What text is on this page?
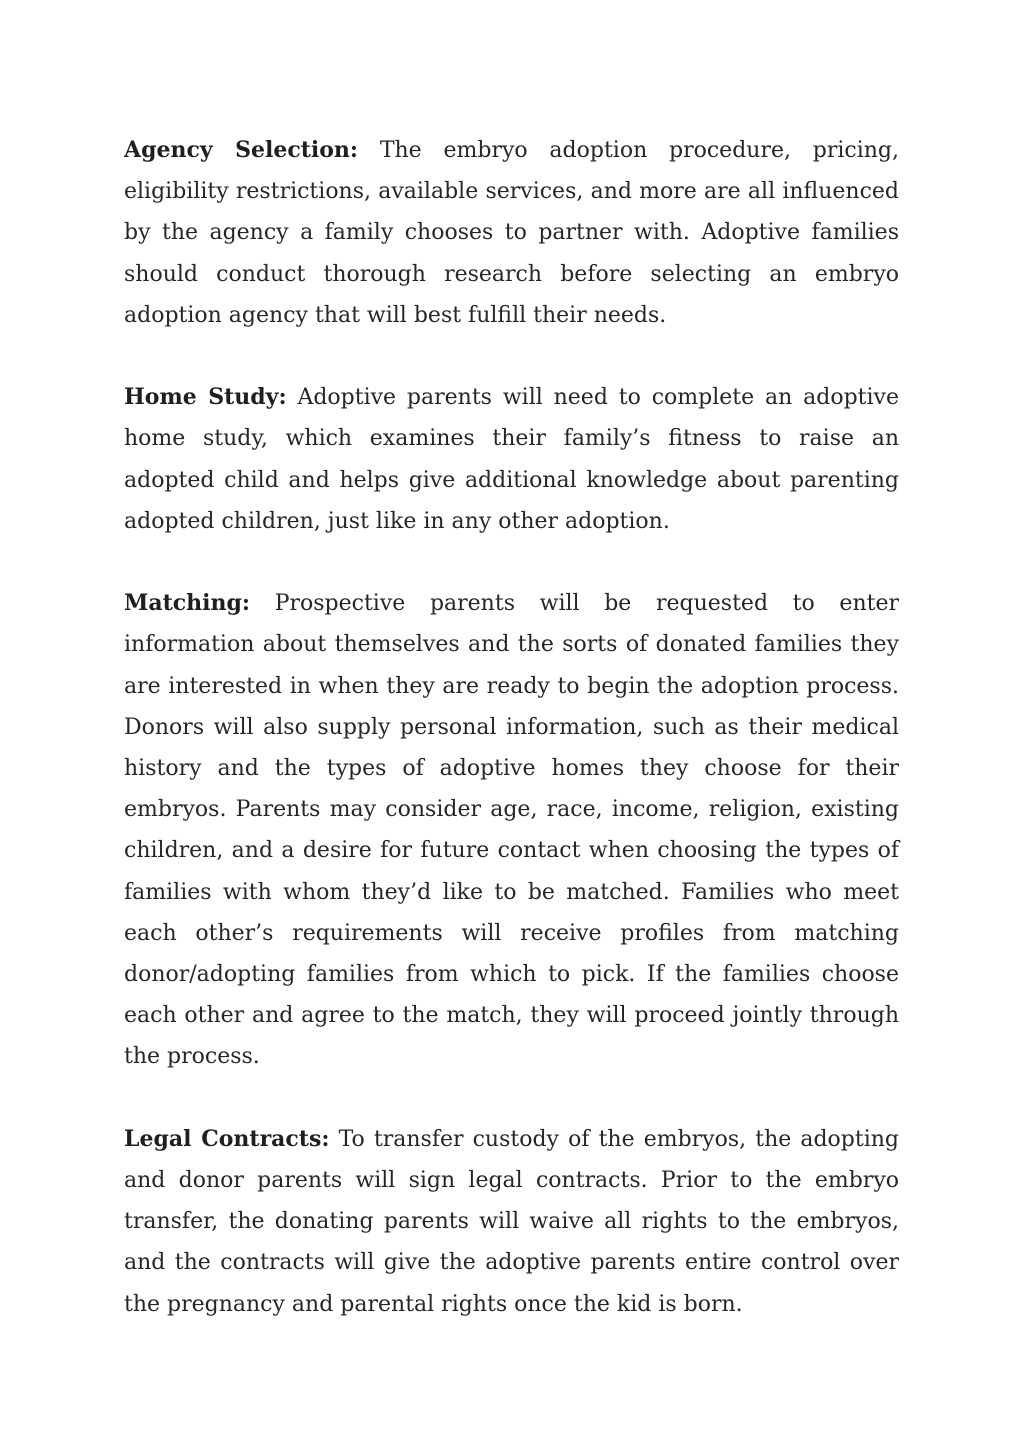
Agency Selection: The embryo adoption procedure, pricing, eligibility restrictions, available services, and more are all influenced by the agency a family chooses to partner with. Adoptive families should conduct thorough research before selecting an embryo adoption agency that will best fulfill their needs.

Home Study: Adoptive parents will need to complete an adoptive home study, which examines their family’s fitness to raise an adopted child and helps give additional knowledge about parenting adopted children, just like in any other adoption.

Matching: Prospective parents will be requested to enter information about themselves and the sorts of donated families they are interested in when they are ready to begin the adoption process. Donors will also supply personal information, such as their medical history and the types of adoptive homes they choose for their embryos. Parents may consider age, race, income, religion, existing children, and a desire for future contact when choosing the types of families with whom they’d like to be matched. Families who meet each other’s requirements will receive profiles from matching donor/adopting families from which to pick. If the families choose each other and agree to the match, they will proceed jointly through the process.

Legal Contracts: To transfer custody of the embryos, the adopting and donor parents will sign legal contracts. Prior to the embryo transfer, the donating parents will waive all rights to the embryos, and the contracts will give the adoptive parents entire control over the pregnancy and parental rights once the kid is born.
